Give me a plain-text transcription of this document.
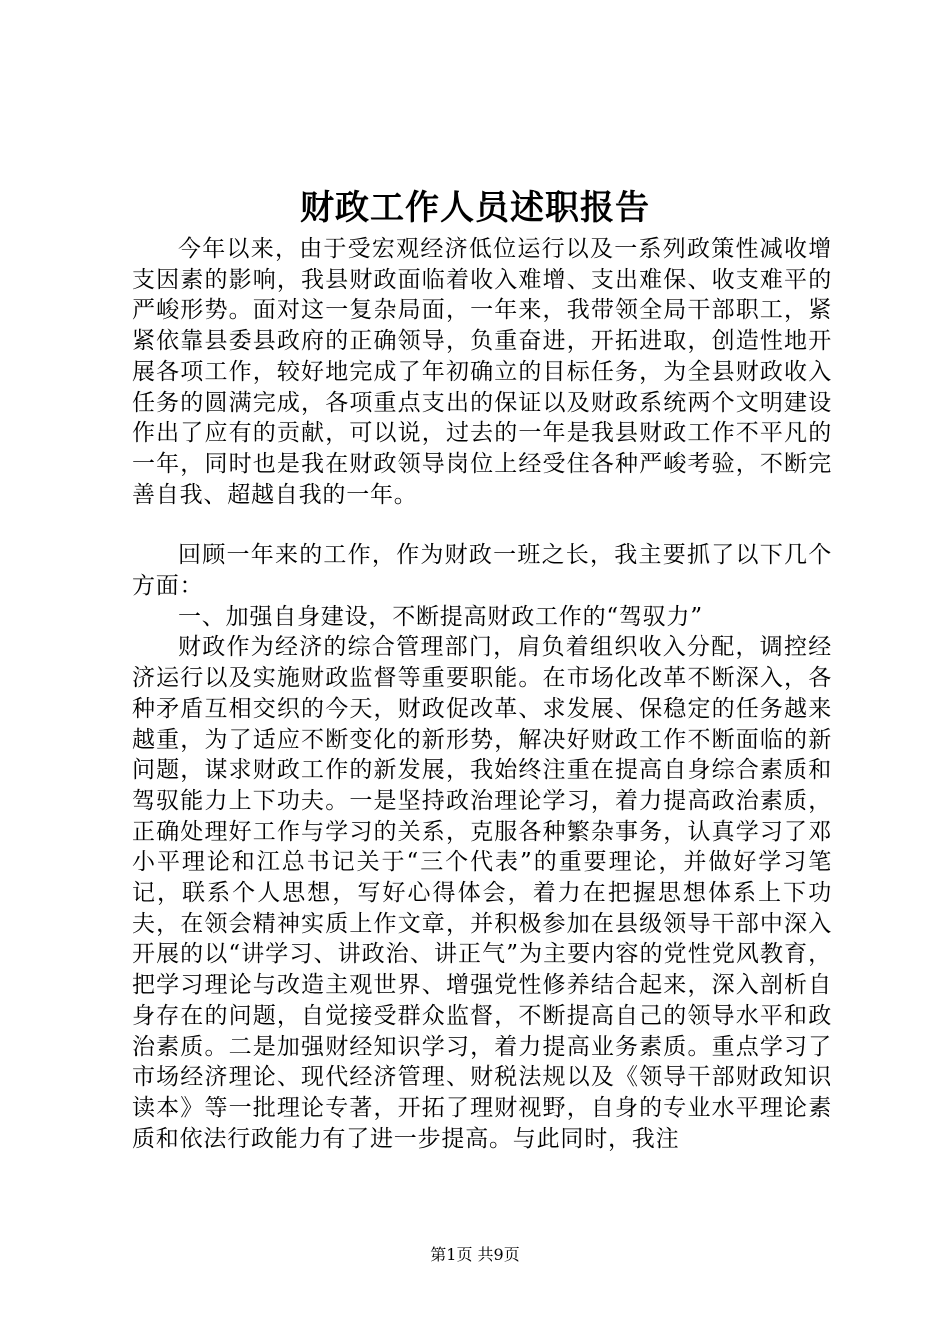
财政工作人员述职报告

今年以来，由于受宏观经济低位运行以及一系列政策性减收增支因素的影响，我县财政面临着收入难增、支出难保、收支难平的严峻形势。面对这一复杂局面，一年来，我带领全局干部职工，紧紧依靠县委县政府的正确领导，负重奋进，开拓进取，创造性地开展各项工作，较好地完成了年初确立的目标任务，为全县财政收入任务的圆满完成，各项重点支出的保证以及财政系统两个文明建设作出了应有的贡献，可以说，过去的一年是我县财政工作不平凡的一年，同时也是我在财政领导岗位上经受住各种严峻考验，不断完善自我、超越自我的一年。

回顾一年来的工作，作为财政一班之长，我主要抓了以下几个方面：

一、加强自身建设，不断提高财政工作的“驾驭力”

财政作为经济的综合管理部门，肩负着组织收入分配，调控经济运行以及实施财政监督等重要职能。在市场化改革不断深入，各种矛盾互相交织的今天，财政促改革、求发展、保稳定的任务越来越重，为了适应不断变化的新形势，解决好财政工作不断面临的新问题，谋求财政工作的新发展，我始终注重在提高自身综合素质和驾驭能力上下功夫。一是坚持政治理论学习，着力提高政治素质，正确处理好工作与学习的关系，克服各种繁杂事务，认真学习了邓小平理论和江总书记关于“三个代表”的重要理论，并做好学习笔记，联系个人思想，写好心得体会，着力在把握思想体系上下功夫，在领会精神实质上作文章，并积极参加在县级领导干部中深入开展的以“讲学习、讲政治、讲正气”为主要内容的党性党风教育，把学习理论与改造主观世界、增强党性修养结合起来，深入剖析自身存在的问题，自觉接受群众监督，不断提高自己的领导水平和政治素质。二是加强财经知识学习，着力提高业务素质。重点学习了市场经济理论、现代经济管理、财税法规以及《领导干部财政知识读本》等一批理论专著，开拓了理财视野，自身的专业水平理论素质和依法行政能力有了进一步提高。与此同时，我注

第1页 共9页
